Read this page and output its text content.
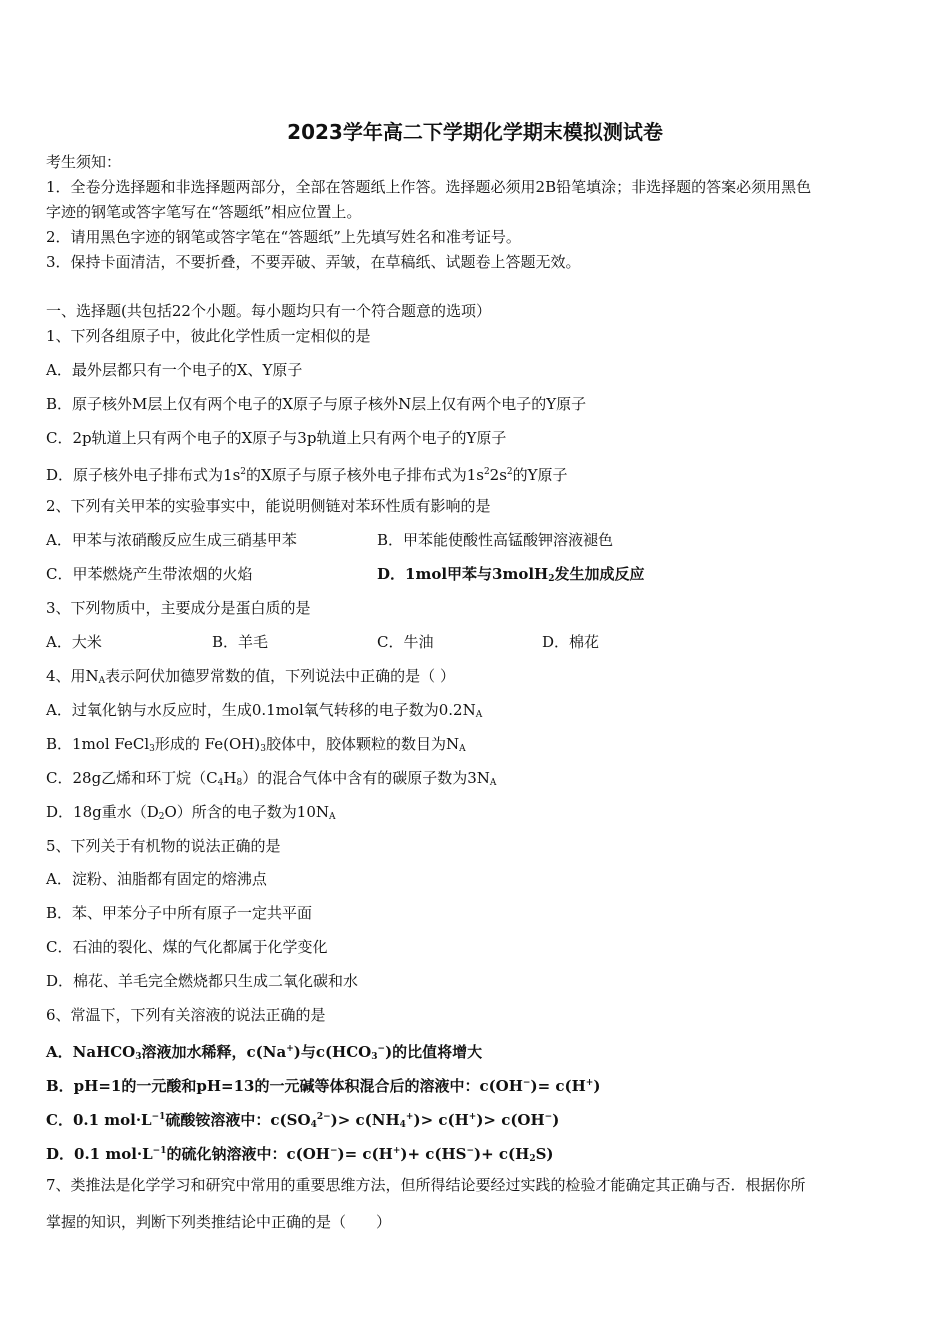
2023学年高二下学期化学期末模拟测试卷
考生须知：
1．全卷分选择题和非选择题两部分，全部在答题纸上作答。选择题必须用2B铅笔填涂；非选择题的答案必须用黑色
字迹的钢笔或答字笔写在“答题纸”相应位置上。
2．请用黑色字迹的钢笔或答字笔在“答题纸”上先填写姓名和准考证号。
3．保持卡面清洁，不要折叠，不要弄破、弄皱，在草稿纸、试题卷上答题无效。
一、选择题(共包括22个小题。每小题均只有一个符合题意的选项）
1、下列各组原子中，彼此化学性质一定相似的是
A．最外层都只有一个电子的X、Y原子
B．原子核外M层上仅有两个电子的X原子与原子核外N层上仅有两个电子的Y原子
C．2p轨道上只有两个电子的X原子与3p轨道上只有两个电子的Y原子
D．原子核外电子排布式为$1s^2$的X原子与原子核外电子排布式为$1s^22s^2$的Y原子
2、下列有关甲苯的实验事实中，能说明侧链对苯环性质有影响的是
A．甲苯与浓硝酸反应生成三硝基甲苯	B．甲苯能使酸性高锰酸钾溶液褪色
C．甲苯燃烧产生带浓烟的火焰	D．1mol甲苯与3molH$_2$发生加成反应
3、下列物质中，主要成分是蛋白质的是
A．大米	B．羊毛	C．牛油	D．棉花
4、用$N_A$表示阿伏加德罗常数的值，下列说法中正确的是（ ）
A．过氧化钠与水反应时，生成0.1mol氧气转移的电子数为$0.2N_A$
B．1mol FeCl$_3$形成的 $Fe(OH)_3$胶体中，胶体颗粒的数目为$N_A$
C．28g乙烯和环丁烷$(C_4H_8)$的混合气体中含有的碳原子数为$3N_A$
D．18g重水$(D_2O)$所含的电子数为$10N_A$
5、下列关于有机物的说法正确的是
A．淀粉、油脂都有固定的熔沸点
B．苯、甲苯分子中所有原子一定共平面
C．石油的裂化、煤的气化都属于化学变化
D．棉花、羊毛完全燃烧都只生成二氧化碳和水
6、常温下，下列有关溶液的说法正确的是
A．NaHCO$_3$溶液加水稀释，c(Na+)与$c(HCO_3^-)$的比值将增大
B．pH=1的一元酸和pH=13的一元碱等体积混合后的溶液中：c(OH−)= c(H+)
C．0.1 $mol\cdot L^{-1}$硫酸铵溶液中：$c(SO_4^{2-})> c(NH_4^+)> c(H^+)> c(OH^-)$
D．0.1 $mol\cdot L^{-1}$的硫化钠溶液中：$c(OH^-)= c(H^+)+ c(HS^-)+ c(H_2S)$
7、类推法是化学学习和研究中常用的重要思维方法，但所得结论要经过实践的检验才能确定其正确与否．根据你所
掌握的知识，判断下列类推结论中正确的是（　　）
